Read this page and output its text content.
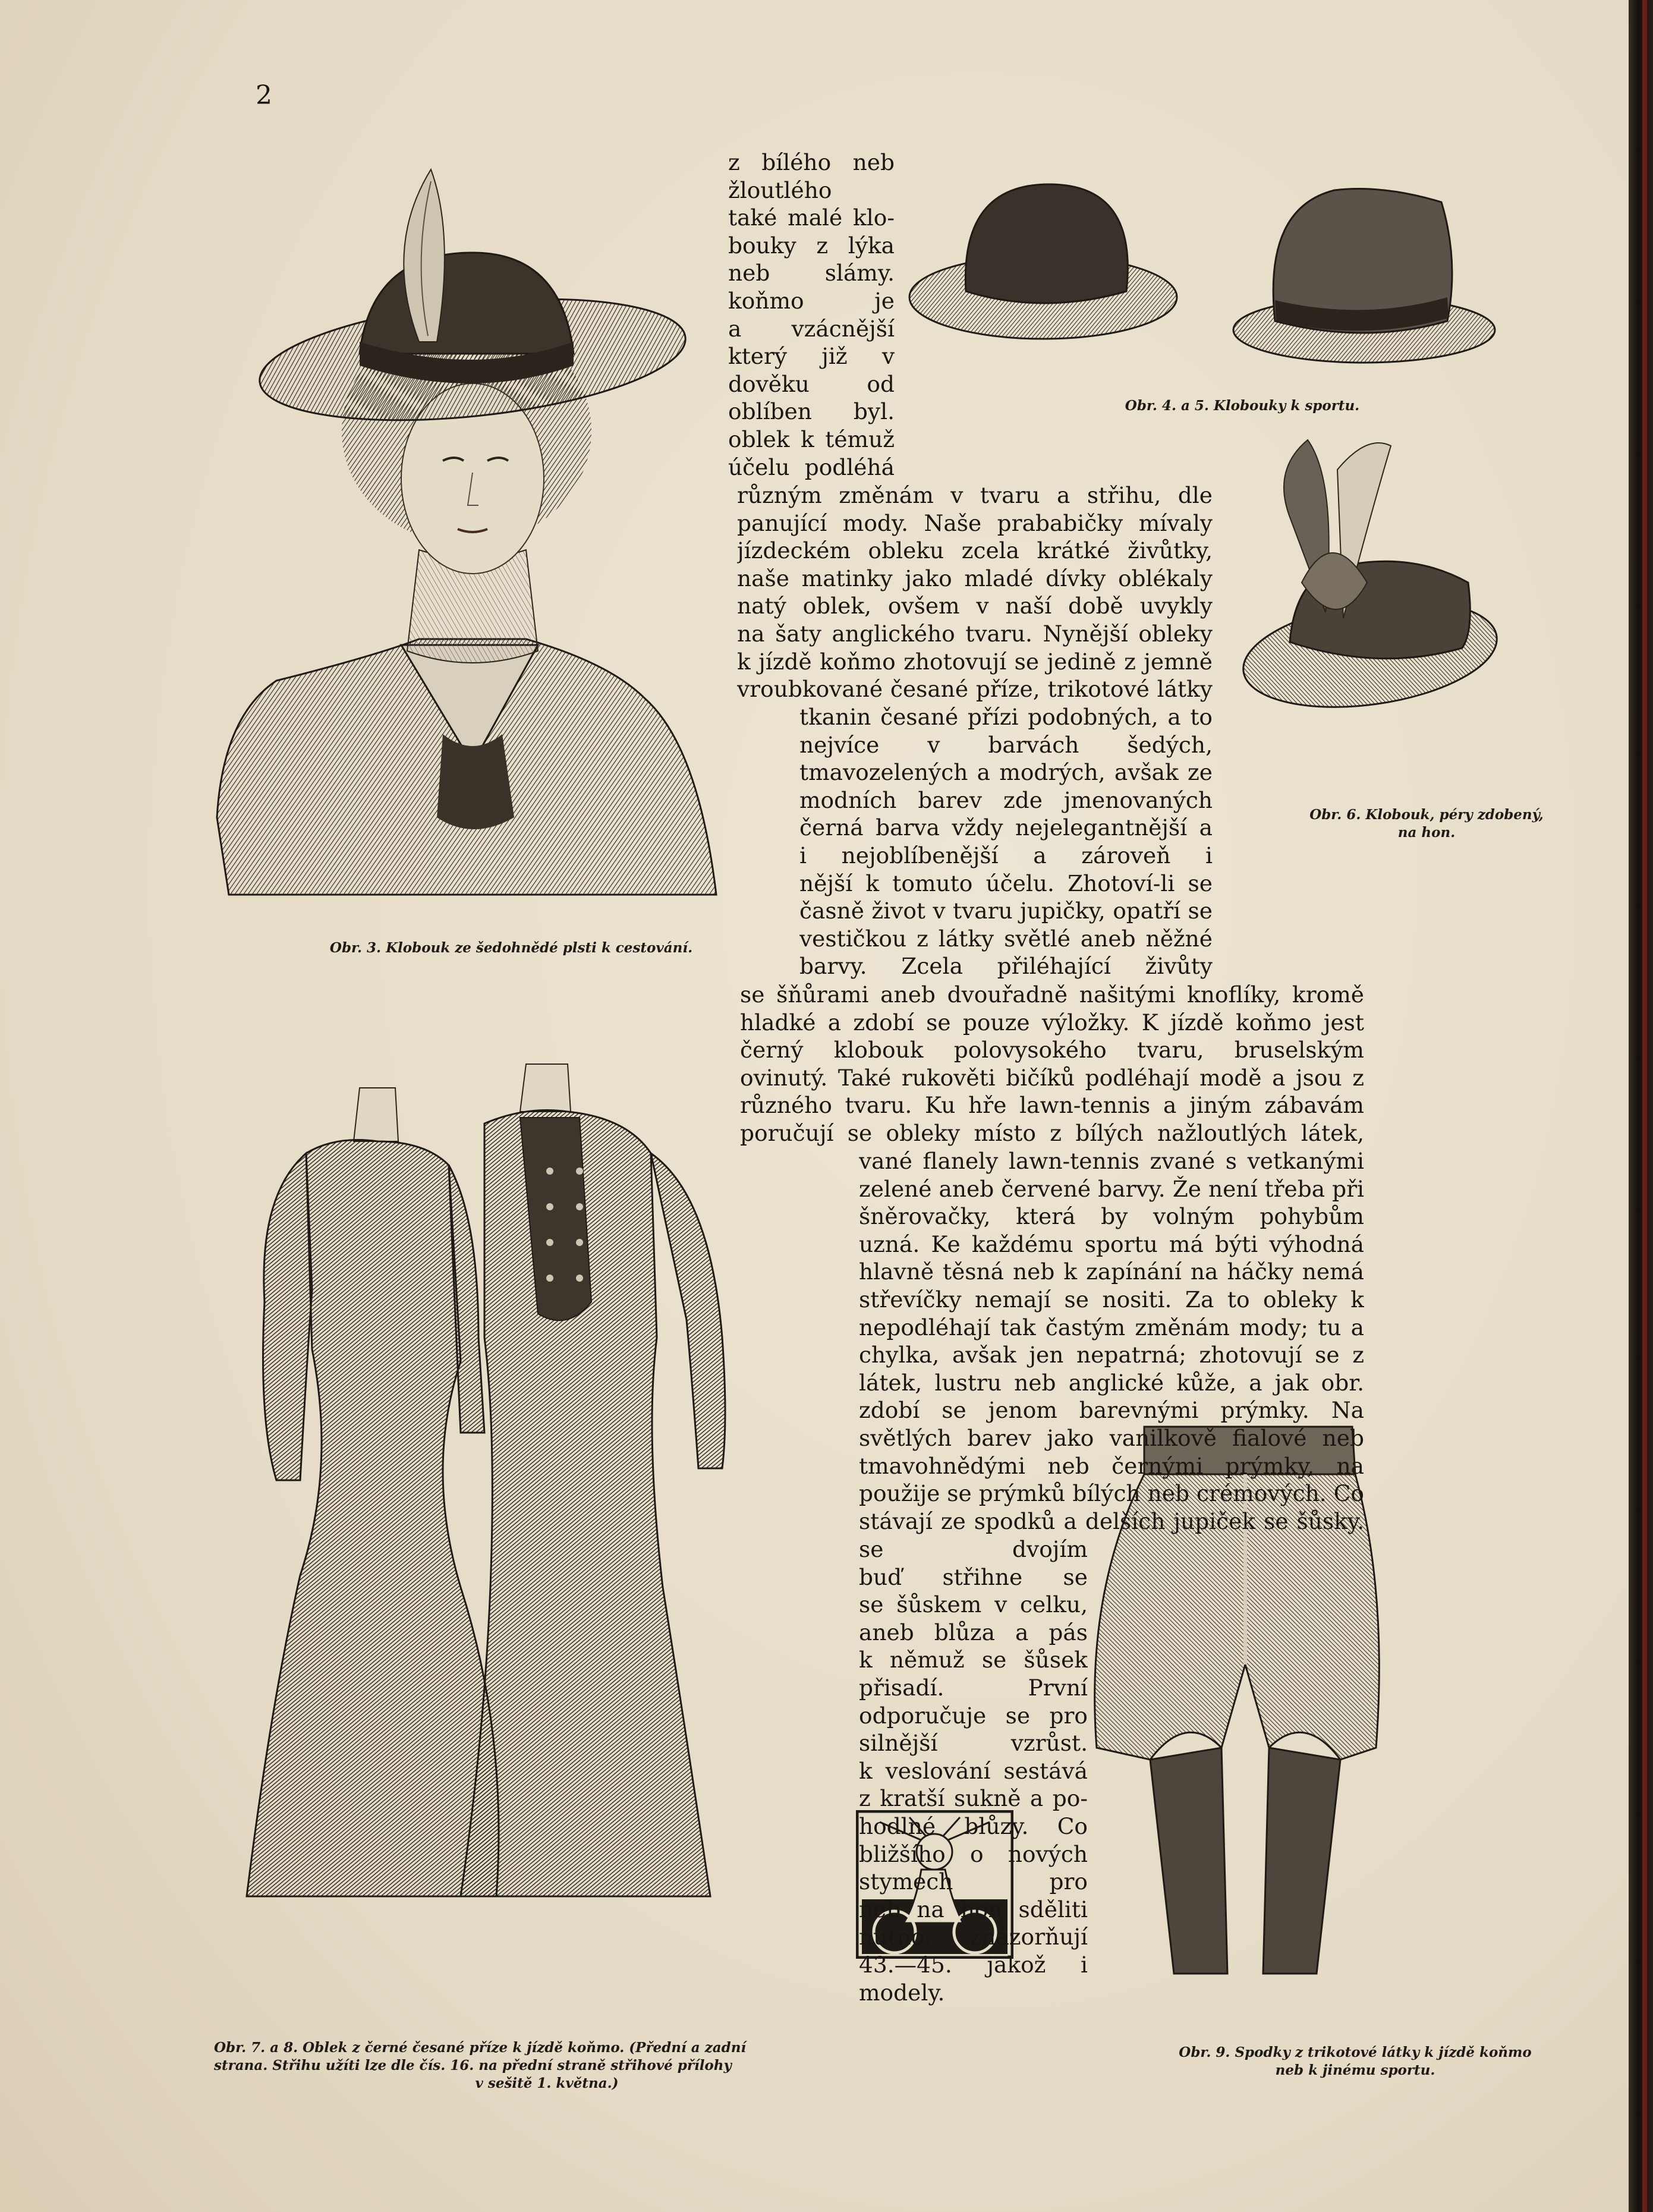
2
Obr. 3. Klobouk ze šedohnědé plsti k cestování.
Obr. 4. a 5. Klobouky k sportu.
Obr. 6. Klobouk, péry zdobený,
na hon.
Obr. 7. a 8. Oblek z černé česané příze k jízdě koňmo. (Přední a zadní
strana. Střihu užíti lze dle čís. 16. na přední straně střihové přílohy
v sešitě 1. května.)
Obr. 9. Spodky z trikotové látky k jízdě koňmo
neb k jinému sportu.
z bílého neb
žloutlého
také malé klo-
bouky z lýka
neb slámy.
koňmo je
a vzácnější
který již v
dověku od
oblíben byl.
oblek k témuž
účelu podléhá
různým změnám v tvaru a střihu, dle
panující mody. Naše prababičky mívaly
jízdeckém obleku zcela krátké živůtky,
naše matinky jako mladé dívky oblékaly
natý oblek, ovšem v naší době uvykly
na šaty anglického tvaru. Nynější obleky
k jízdě koňmo zhotovují se jedině z jemně
vroubkované česané příze, trikotové látky
tkanin česané přízi podobných, a to
nejvíce v barvách šedých,
tmavozelených a modrých, avšak ze
modních barev zde jmenovaných
černá barva vždy nejelegantnější a
i nejoblíbenější a zároveň i
nější k tomuto účelu. Zhotoví-li se
časně život v tvaru jupičky, opatří se
vestičkou z látky světlé aneb něžné
barvy. Zcela přiléhající živůty
se šňůrami aneb dvouřadně našitými knoflíky, kromě
hladké a zdobí se pouze výložky. K jízdě koňmo jest
černý klobouk polovysokého tvaru, bruselským
ovinutý. Také rukověti bičíků podléhají modě a jsou z
různého tvaru. Ku hře lawn-tennis a jiným zábavám
poručují se obleky místo z bílých nažloutlých látek,
vané flanely lawn-tennis zvané s vetkanými
zelené aneb červené barvy. Že není třeba při
šněrovačky, která by volným pohybům
uzná. Ke každému sportu má býti výhodná
hlavně těsná neb k zapínání na háčky nemá
střevíčky nemají se nositi. Za to obleky k
nepodléhají tak častým změnám mody; tu a
chylka, avšak jen nepatrná; zhotovují se z
látek, lustru neb anglické kůže, a jak obr.
zdobí se jenom barevnými prýmky. Na
světlých barev jako vanilkově fialové neb
tmavohnědými neb černými prýmky, na
použije se prýmků bílých neb crémových. Co
stávají ze spodků a delších jupiček se šůsky.
se dvojím
buď střihne se
se šůskem v celku,
aneb blůza a pás
k němuž se šůsek
přisadí. První
odporučuje se pro
silnější vzrůst.
k veslování sestává
z kratší sukně a po-
hodlné blůzy. Co
bližšího o nových
stymech pro
neb na hon sděliti
nutno, znázorňují
43.—45. jakož i
modely.
